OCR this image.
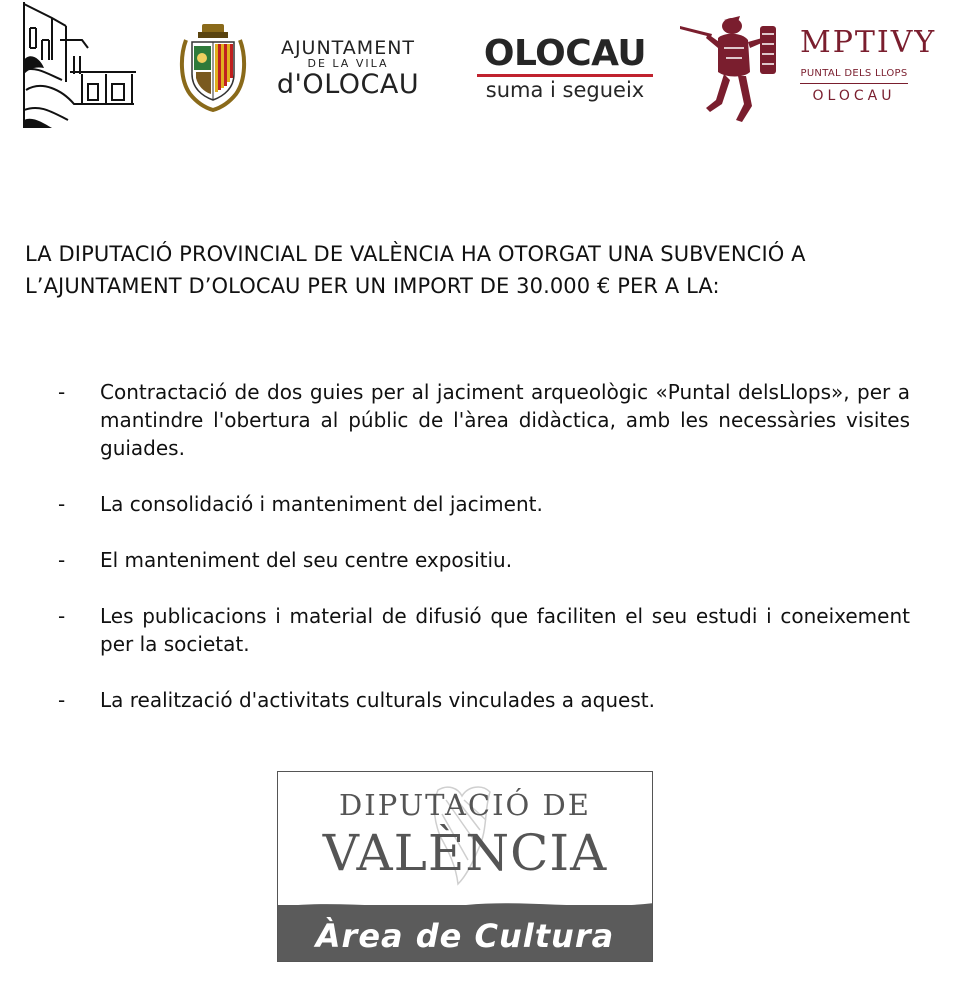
AJUNTAMENT
DE LA VILA
d'OLOCAU
OLOCAU
suma i segueix
ΜΡΤΙVY
PUNTAL DELS LLOPS
OLOCAU
LA DIPUTACIÓ PROVINCIAL DE VALÈNCIA HA OTORGAT UNA SUBVENCIÓ A
L’AJUNTAMENT D’OLOCAU PER UN IMPORT DE 30.000 € PER A LA:
- Contractació de dos guies per al jaciment arqueològic «Puntal delsLlops», per a mantindre l'obertura al públic de l'àrea didàctica, amb les necessàries visites guiades.
- La consolidació i manteniment del jaciment.
- El manteniment del seu centre expositiu.
- Les publicacions i material de difusió que faciliten el seu estudi i coneixement per la societat.
- La realització d'activitats culturals vinculades a aquest.
DIPUTACIÓ DE
VALÈNCIA
Àrea de Cultura
